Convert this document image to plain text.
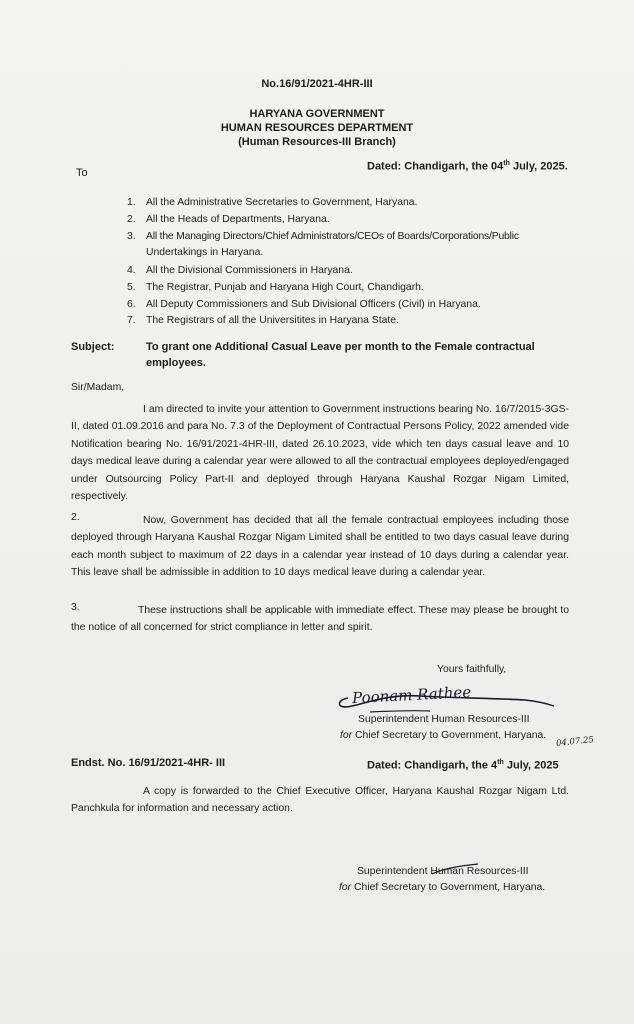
No.16/91/2021-4HR-III
HARYANA GOVERNMENT
HUMAN RESOURCES DEPARTMENT
(Human Resources-III Branch)
Dated: Chandigarh, the 04th July, 2025.
To
1. All the Administrative Secretaries to Government, Haryana.
2. All the Heads of Departments, Haryana.
3. All the Managing Directors/Chief Administrators/CEOs of Boards/Corporations/Public
Undertakings in Haryana.
4. All the Divisional Commissioners in Haryana.
5. The Registrar, Punjab and Haryana High Court, Chandigarh.
6. All Deputy Commissioners and Sub Divisional Officers (Civil) in Haryana.
7. The Registrars of all the Universitites in Haryana State.
Subject:	To grant one Additional Casual Leave per month to the Female contractual
employees.
Sir/Madam,
I am directed to invite your attention to Government instructions bearing No. 16/7/2015-3GS-II, dated 01.09.2016 and para No. 7.3 of the Deployment of Contractual Persons Policy, 2022 amended vide Notification bearing No. 16/91/2021-4HR-III, dated 26.10.2023, vide which ten days casual leave and 10 days medical leave during a calendar year were allowed to all the contractual employees deployed/engaged under Outsourcing Policy Part-II and deployed through Haryana Kaushal Rozgar Nigam Limited, respectively.
2.	Now, Government has decided that all the female contractual employees including those deployed through Haryana Kaushal Rozgar Nigam Limited shall be entitled to two days casual leave during each month subject to maximum of 22 days in a calendar year instead of 10 days during a calendar year. This leave shall be admissible in addition to 10 days medical leave during a calendar year.
3.	These instructions shall be applicable with immediate effect. These may please be brought to the notice of all concerned for strict compliance in letter and spirit.
Yours faithfully,
Poonam Rathee
Superintendent Human Resources-III
for Chief Secretary to Government, Haryana. 04.07.25
Endst. No. 16/91/2021-4HR- III	Dated: Chandigarh, the 4th July, 2025
A copy is forwarded to the Chief Executive Officer, Haryana Kaushal Rozgar Nigam Ltd. Panchkula for information and necessary action.
Superintendent Human Resources-III
for Chief Secretary to Government, Haryana.
